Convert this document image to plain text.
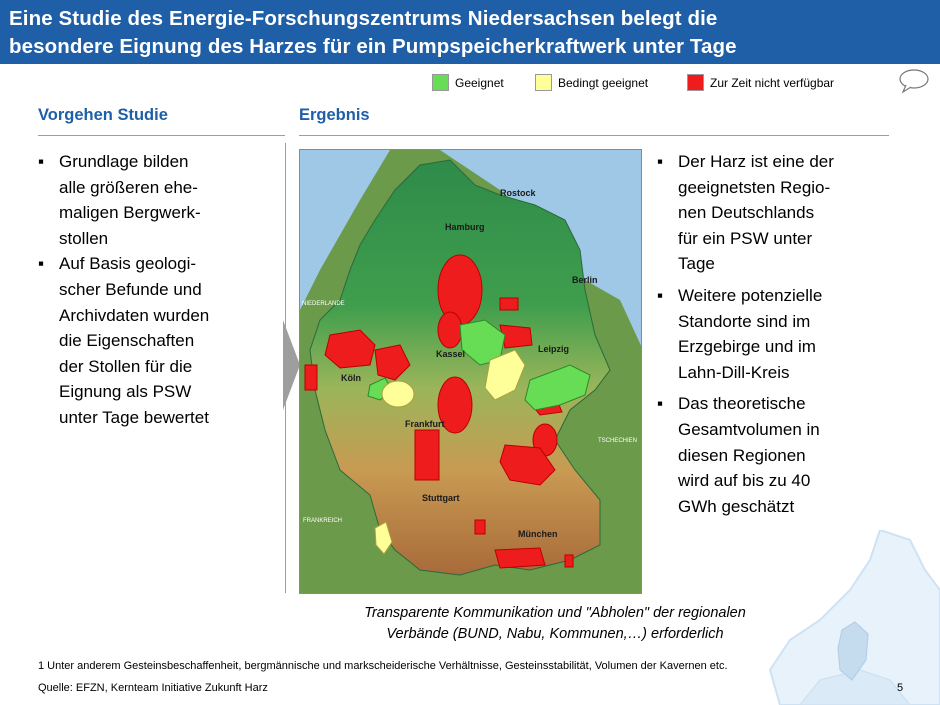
Eine Studie des Energie-Forschungszentrums Niedersachsen belegt die
besondere Eignung des Harzes für ein Pumpspeicherkraftwerk unter Tage
Geeignet	Bedingt geeignet	Zur Zeit nicht verfügbar
Vorgehen Studie	Ergebnis
▪ Grundlage bilden
alle größeren ehe-
maligen Bergwerk-
stollen
▪ Auf Basis geologi-
scher Befunde und
Archivdaten wurden
die Eigenschaften
der Stollen für die
Eignung als PSW
unter Tage bewertet
Rostock
Hamburg
Berlin
Kassel	Leipzig
Köln
Frankfurt
Stuttgart
München
NIEDERLANDE
TSCHECHIEN
FRANKREICH
▪ Der Harz ist eine der
geeignetsten Regio-
nen Deutschlands
für ein PSW unter
Tage
▪ Weitere potenzielle
Standorte sind im
Erzgebirge und im
Lahn-Dill-Kreis
▪ Das theoretische
Gesamtvolumen in
diesen Regionen
wird auf bis zu 40
GWh geschätzt
Transparente Kommunikation und "Abholen" der regionalen
Verbände (BUND, Nabu, Kommunen,…) erforderlich
1 Unter anderem Gesteinsbeschaffenheit, bergmännische und markscheiderische Verhältnisse, Gesteinsstabilität, Volumen der Kavernen etc.
Quelle: EFZN, Kernteam Initiative Zukunft Harz	5
